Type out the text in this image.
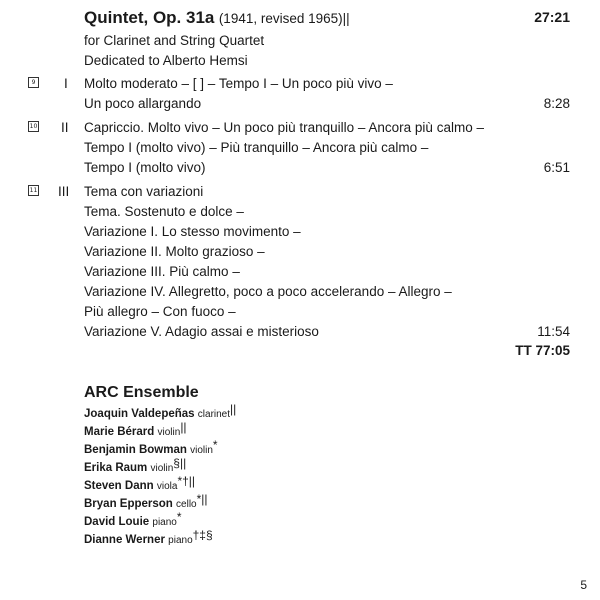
Quintet, Op. 31a (1941, revised 1965)||	27:21
for Clarinet and String Quartet
Dedicated to Alberto Hemsi
9 I Molto moderato – [ ] – Tempo I – Un poco più vivo –
Un poco allargando	8:28
10 II Capriccio. Molto vivo – Un poco più tranquillo – Ancora più calmo –
Tempo I (molto vivo) – Più tranquillo – Ancora più calmo –
Tempo I (molto vivo)	6:51
11 III Tema con variazioni
Tema. Sostenuto e dolce –
Variazione I. Lo stesso movimento –
Variazione II. Molto grazioso –
Variazione III. Più calmo –
Variazione IV. Allegretto, poco a poco accelerando – Allegro –
Più allegro – Con fuoco –
Variazione V. Adagio assai e misterioso	11:54
TT 77:05
ARC Ensemble
Joaquin Valdepeñas clarinet||
Marie Bérard violin||
Benjamin Bowman violin*
Erika Raum violin§||
Steven Dann viola*†||
Bryan Epperson cello*||
David Louie piano*
Dianne Werner piano†‡§
5
